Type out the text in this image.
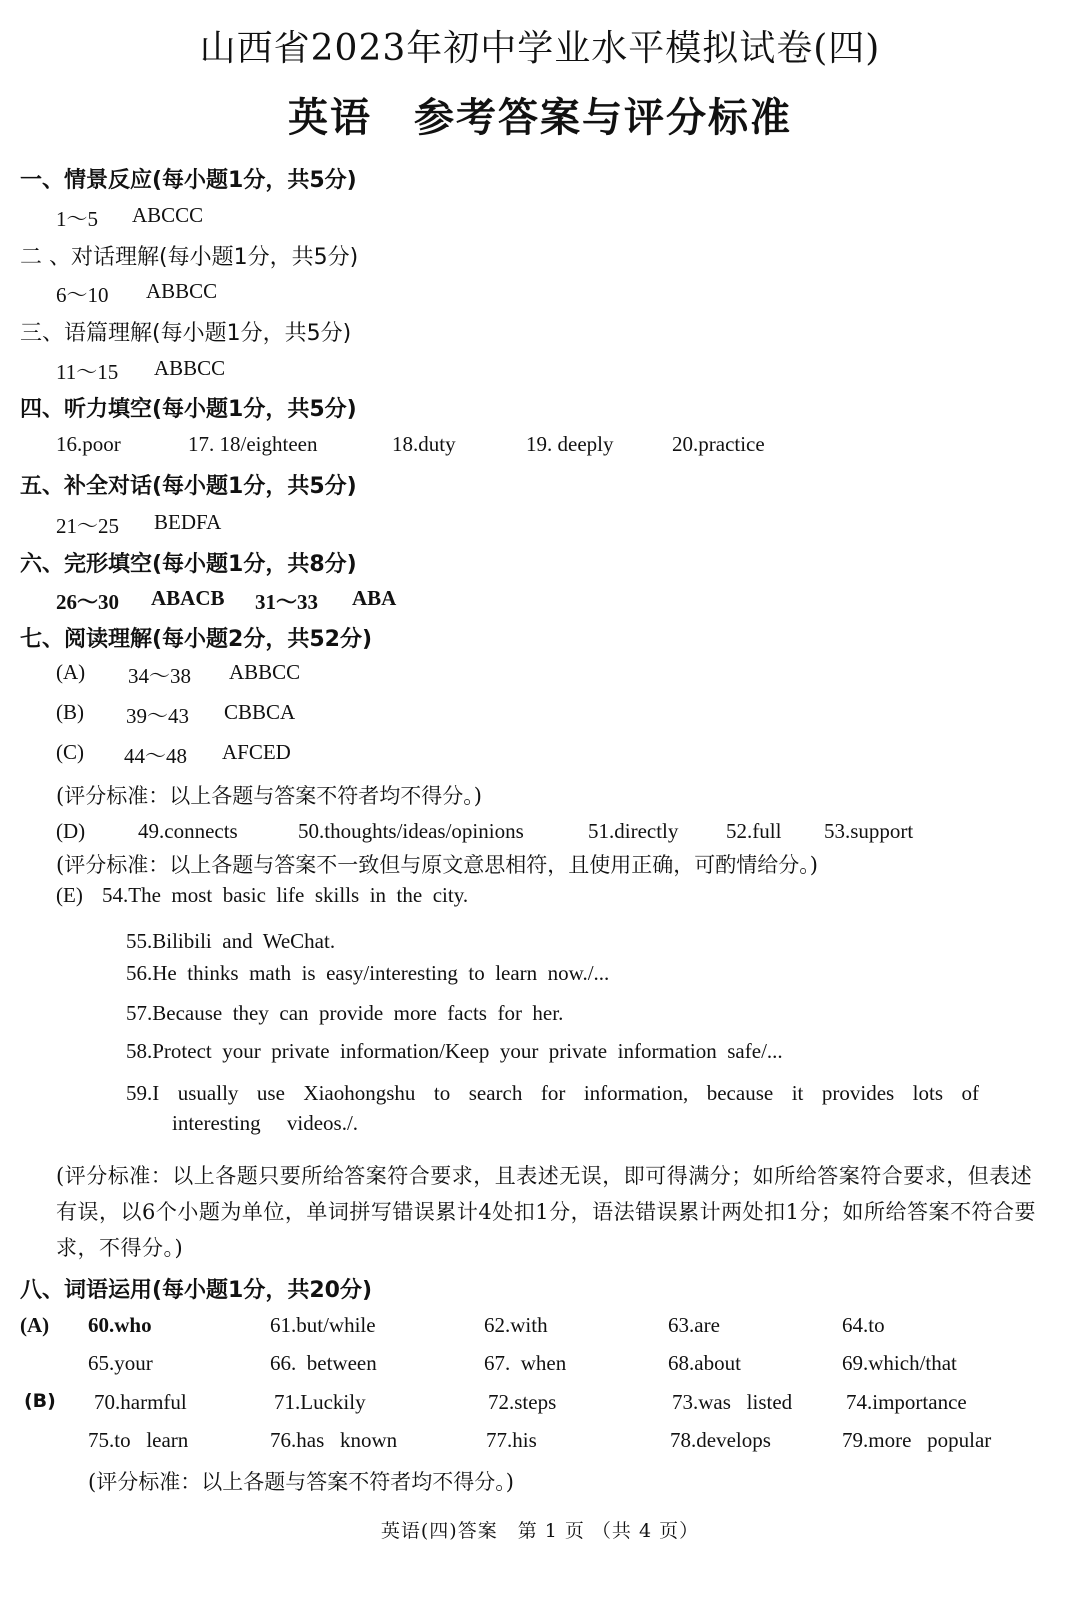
山西省2023年初中学业水平模拟试卷(四)
英语　参考答案与评分标准
一、情景反应(每小题1分，共5分)
1～5 ABCCC
二 、对话理解(每小题1分，共5分)
6～10 ABBCC
三、语篇理解(每小题1分，共5分)
11～15 ABBCC
四、听力填空(每小题1分，共5分)
16.poor	17. 18/eighteen	18.duty	19. deeply	20.practice
五、补全对话(每小题1分，共5分)
21～25 BEDFA
六、完形填空(每小题1分，共8分)
26～30 ABACB 31～33 ABA
七、阅读理解(每小题2分，共52分)
(A) 34～38 ABBCC
(B) 39～43 CBBCA
(C) 44～48 AFCED
(评分标准：以上各题与答案不符者均不得分。)
(D)	49.connects	50.thoughts/ideas/opinions	51.directly 52.full 53.support
(评分标准：以上各题与答案不一致但与原文意思相符，且使用正确，可酌情给分。)
(E) 54.The  most  basic  life  skills  in  the  city.
55.Bilibili  and  WeChat.
56.He  thinks  math  is  easy/interesting  to  learn  now./...
57.Because  they  can  provide  more  facts  for  her.
58.Protect  your  private  information/Keep  your  private  information  safe/...
59.I  usually  use  Xiaohongshu  to  search  for  information,  because  it  provides  lots  of
interesting     videos./.
(评分标准：以上各题只要所给答案符合要求，且表述无误，即可得满分；如所给答案符合要求，但表述有误，以6个小题为单位，单词拼写错误累计4处扣1分，语法错误累计两处扣1分；如所给答案不符合要求，不得分。)
八、词语运用(每小题1分，共20分)
(A) 60.who	61.but/while	62.with	63.are	64.to
65.your	66.  between	67.  when	68.about	69.which/that
(B) 70.harmful	71.Luckily	72.steps	73.was   listed	74.importance
75.to   learn	76.has   known	77.his	78.develops	79.more   popular
(评分标准：以上各题与答案不符者均不得分。)
英语(四)答案　第 1 页 （共 4 页）
